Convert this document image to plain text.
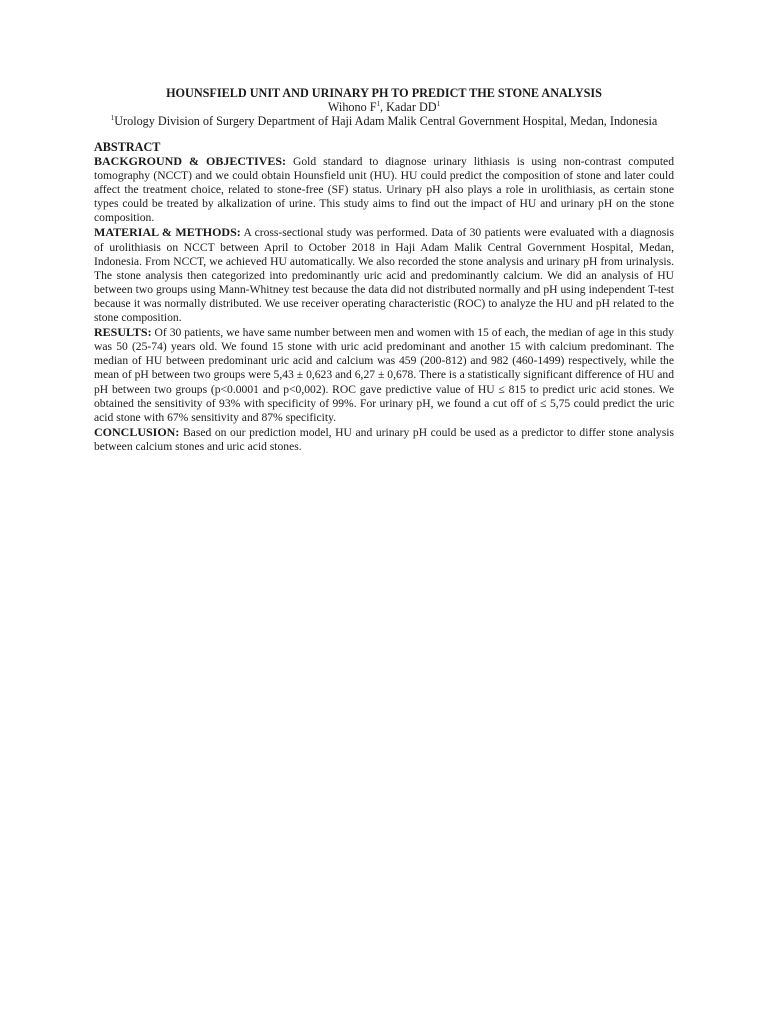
HOUNSFIELD UNIT AND URINARY PH TO PREDICT THE STONE ANALYSIS

Wihono $F^1$, Kadar $DD^1$

$^1$Urology Division of Surgery Department of Haji Adam Malik Central Government Hospital, Medan, Indonesia

ABSTRACT

BACKGROUND & OBJECTIVES: Gold standard to diagnose urinary lithiasis is using non-contrast computed tomography (NCCT) and we could obtain Hounsfield unit (HU). HU could predict the composition of stone and later could affect the treatment choice, related to stone-free (SF) status. Urinary pH also plays a role in urolithiasis, as certain stone types could be treated by alkalization of urine. This study aims to find out the impact of HU and urinary pH on the stone composition.

MATERIAL & METHODS: A cross-sectional study was performed. Data of 30 patients were evaluated with a diagnosis of urolithiasis on NCCT between April to October 2018 in Haji Adam Malik Central Government Hospital, Medan, Indonesia. From NCCT, we achieved HU automatically. We also recorded the stone analysis and urinary pH from urinalysis. The stone analysis then categorized into predominantly uric acid and predominantly calcium. We did an analysis of HU between two groups using Mann-Whitney test because the data did not distributed normally and pH using independent T-test because it was normally distributed. We use receiver operating characteristic (ROC) to analyze the HU and pH related to the stone composition.

RESULTS: Of 30 patients, we have same number between men and women with 15 of each, the median of age in this study was 50 (25-74) years old. We found 15 stone with uric acid predominant and another 15 with calcium predominant. The median of HU between predominant uric acid and calcium was 459 (200-812) and 982 (460-1499) respectively, while the mean of pH between two groups were 5,43 ± 0,623 and 6,27 ± 0,678. There is a statistically significant difference of HU and pH between two groups (p<0.0001 and p<0,002). ROC gave predictive value of HU ≤ 815 to predict uric acid stones. We obtained the sensitivity of 93% with specificity of 99%. For urinary pH, we found a cut off of ≤ 5,75 could predict the uric acid stone with 67% sensitivity and 87% specificity.

CONCLUSION: Based on our prediction model, HU and urinary pH could be used as a predictor to differ stone analysis between calcium stones and uric acid stones.
